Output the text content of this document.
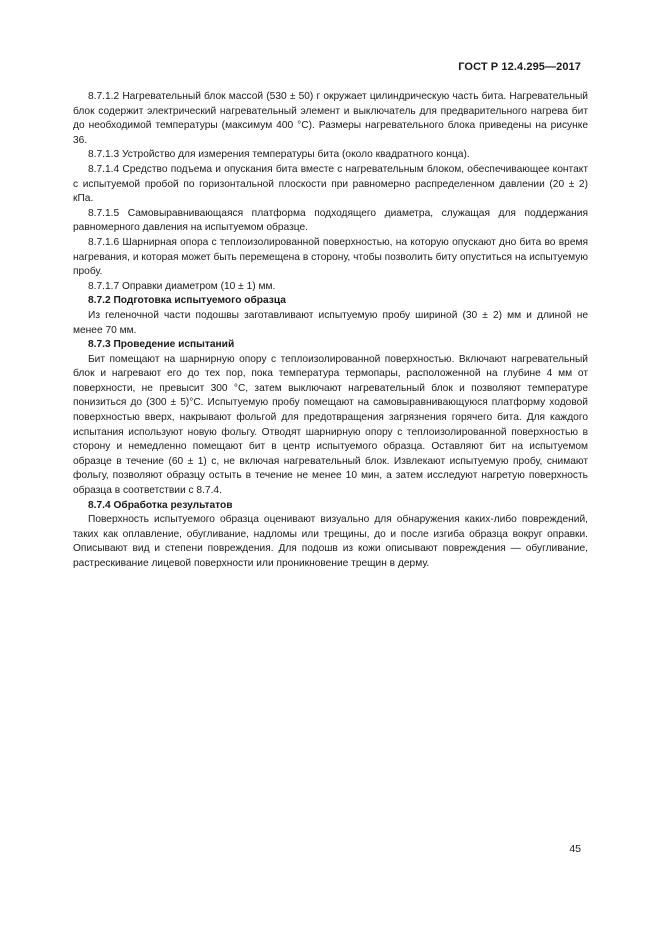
ГОСТ Р 12.4.295—2017

8.7.1.2 Нагревательный блок массой (530 ± 50) г окружает цилиндрическую часть бита. Нагревательный блок содержит электрический нагревательный элемент и выключатель для предварительного нагрева бит до необходимой температуры (максимум 400 °С). Размеры нагревательного блока приведены на рисунке 36.

8.7.1.3 Устройство для измерения температуры бита (около квадратного конца).

8.7.1.4 Средство подъема и опускания бита вместе с нагревательным блоком, обеспечивающее контакт с испытуемой пробой по горизонтальной плоскости при равномерно распределенном давлении (20 ± 2) кПа.

8.7.1.5 Самовыравнивающаяся платформа подходящего диаметра, служащая для поддержания равномерного давления на испытуемом образце.

8.7.1.6 Шарнирная опора с теплоизолированной поверхностью, на которую опускают дно бита во время нагревания, и которая может быть перемещена в сторону, чтобы позволить биту опуститься на испытуемую пробу.

8.7.1.7 Оправки диаметром (10 ± 1) мм.

8.7.2 Подготовка испытуемого образца

Из геленочной части подошвы заготавливают испытуемую пробу шириной (30 ± 2) мм и длиной не менее 70 мм.

8.7.3 Проведение испытаний

Бит помещают на шарнирную опору с теплоизолированной поверхностью. Включают нагревательный блок и нагревают его до тех пор, пока температура термопары, расположенной на глубине 4 мм от поверхности, не превысит 300 °С, затем выключают нагревательный блок и позволяют температуре понизиться до (300 ± 5)°С. Испытуемую пробу помещают на самовыравнивающуюся платформу ходовой поверхностью вверх, накрывают фольгой для предотвращения загрязнения горячего бита. Для каждого испытания используют новую фольгу. Отводят шарнирную опору с теплоизолированной поверхностью в сторону и немедленно помещают бит в центр испытуемого образца. Оставляют бит на испытуемом образце в течение (60 ± 1) с, не включая нагревательный блок. Извлекают испытуемую пробу, снимают фольгу, позволяют образцу остыть в течение не менее 10 мин, а затем исследуют нагретую поверхность образца в соответствии с 8.7.4.

8.7.4 Обработка результатов

Поверхность испытуемого образца оценивают визуально для обнаружения каких-либо повреждений, таких как оплавление, обугливание, надломы или трещины, до и после изгиба образца вокруг оправки. Описывают вид и степени повреждения. Для подошв из кожи описывают повреждения — обугливание, растрескивание лицевой поверхности или проникновение трещин в дерму.

45
